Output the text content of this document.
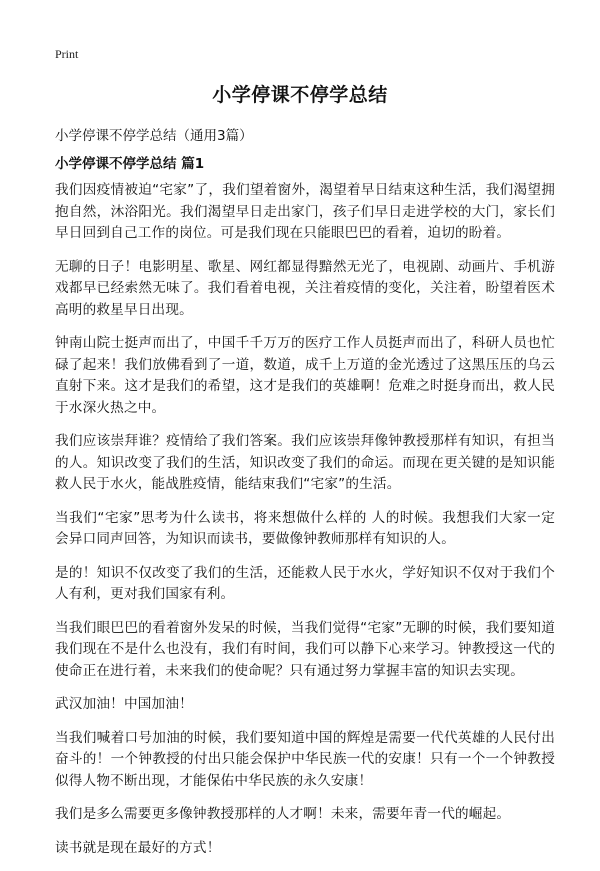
Print
小学停课不停学总结
小学停课不停学总结（通用3篇）
小学停课不停学总结 篇1

我们因疫情被迫“宅家”了，我们望着窗外，渴望着早日结束这种生活，我们渴望拥抱自然，沐浴阳光。我们渴望早日走出家门，孩子们早日走进学校的大门，家长们早日回到自己工作的岗位。可是我们现在只能眼巴巴的看着，迫切的盼着。

无聊的日子！电影明星、歌星、网红都显得黯然无光了，电视剧、动画片、手机游戏都早已经索然无味了。我们看着电视，关注着疫情的变化，关注着，盼望着医术高明的救星早日出现。

钟南山院士挺声而出了，中国千千万万的医疗工作人员挺声而出了，科研人员也忙碌了起来！我们放佛看到了一道，数道，成千上万道的金光透过了这黑压压的乌云直射下来。这才是我们的希望，这才是我们的英雄啊！危难之时挺身而出，救人民于水深火热之中。

我们应该崇拜谁？疫情给了我们答案。我们应该崇拜像钟教授那样有知识，有担当的人。知识改变了我们的生活，知识改变了我们的命运。而现在更关键的是知识能救人民于水火，能战胜疫情，能结束我们“宅家”的生活。

当我们“宅家”思考为什么读书，将来想做什么样的 人的时候。我想我们大家一定会异口同声回答，为知识而读书，要做像钟教师那样有知识的人。

是的！知识不仅改变了我们的生活，还能救人民于水火，学好知识不仅对于我们个人有利，更对我们国家有利。

当我们眼巴巴的看着窗外发呆的时候，当我们觉得“宅家”无聊的时候，我们要知道我们现在不是什么也没有，我们有时间，我们可以静下心来学习。钟教授这一代的使命正在进行着，未来我们的使命呢？只有通过努力掌握丰富的知识去实现。

武汉加油！中国加油！

当我们喊着口号加油的时候，我们要知道中国的辉煌是需要一代代英雄的人民付出奋斗的！一个钟教授的付出只能会保护中华民族一代的安康！只有一个一个钟教授似得人物不断出现，才能保佑中华民族的永久安康！

我们是多么需要更多像钟教授那样的人才啊！未来，需要年青一代的崛起。

读书就是现在最好的方式！
